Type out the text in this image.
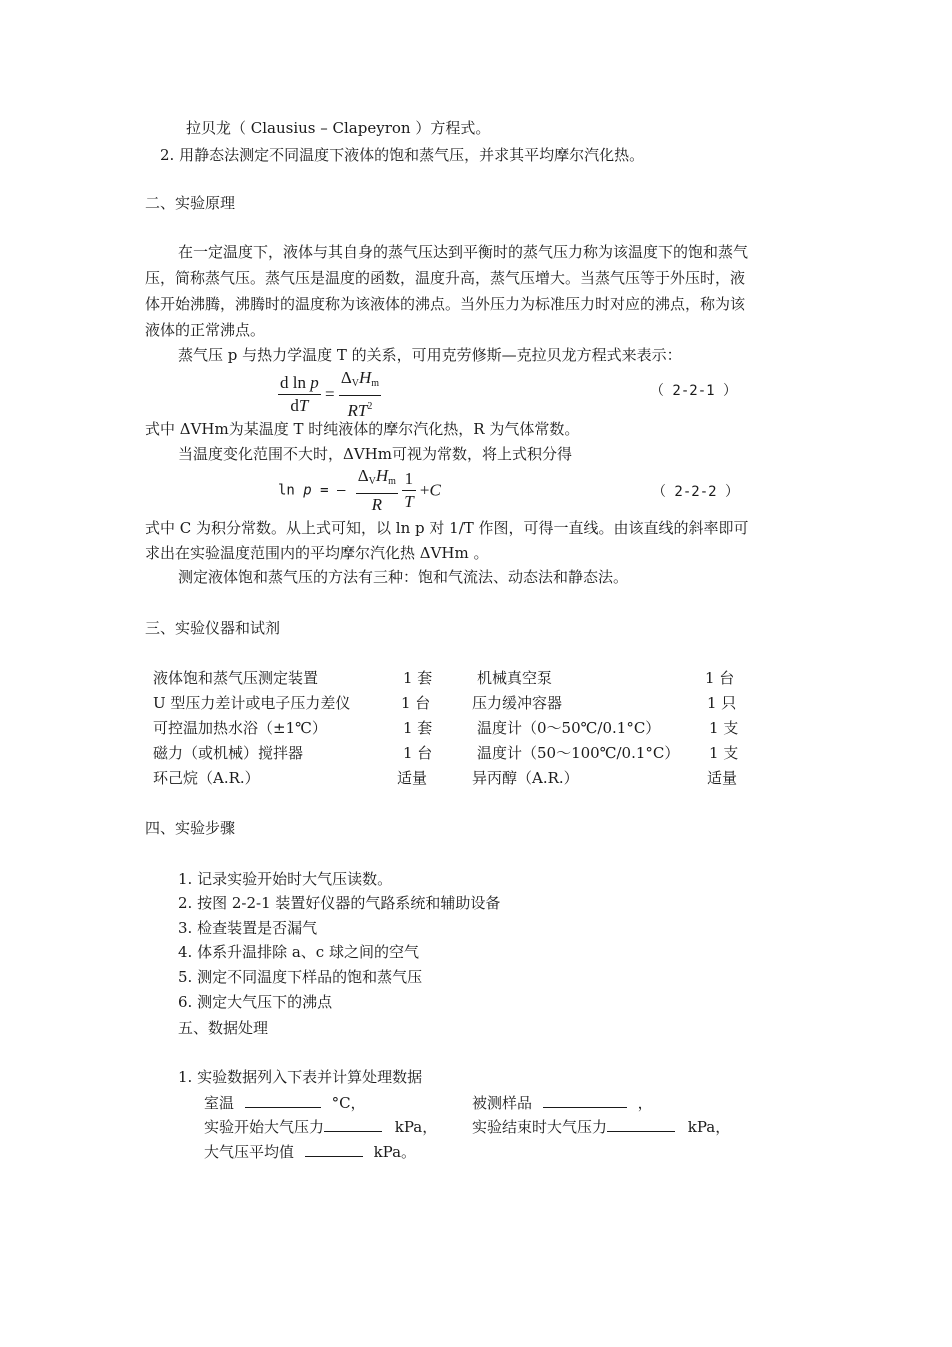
拉贝龙（ Clausius – Clapeyron ）方程式。
2. 用静态法测定不同温度下液体的饱和蒸气压，并求其平均摩尔汽化热。
二、实验原理
在一定温度下，液体与其自身的蒸气压达到平衡时的蒸气压力称为该温度下的饱和蒸气
压，简称蒸气压。蒸气压是温度的函数，温度升高，蒸气压增大。当蒸气压等于外压时，液
体开始沸腾，沸腾时的温度称为该液体的沸点。当外压力为标准压力时对应的沸点，称为该
液体的正常沸点。
蒸气压 p 与热力学温度 T 的关系，可用克劳修斯—克拉贝龙方程式来表示：
$\frac{\text{d ln p}}{dT} = \frac{\Delta_VH_m}{RT^2}$	（ 2-2-1 ）
式中 ΔVHm为某温度 T 时纯液体的摩尔汽化热，R 为气体常数。
当温度变化范围不大时，ΔVHm可视为常数，将上式积分得
ln p = – $\frac{\Delta_VH_m}{R}$
$\frac{1}{T} +C$	（ 2-2-2 ）
式中 C 为积分常数。从上式可知，以 ln p 对 1/T 作图，可得一直线。由该直线的斜率即可
求出在实验温度范围内的平均摩尔汽化热 ΔVHm 。
测定液体饱和蒸气压的方法有三种：饱和气流法、动态法和静态法。
三、实验仪器和试剂
液体饱和蒸气压测定装置	1 套	机械真空泵	1 台
U 型压力差计或电子压力差仪	1 台	压力缓冲容器	1 只
可控温加热水浴（±1℃）	1 套	温度计（0～50℃/0.1°C）	1 支
磁力（或机械）搅拌器	1 台	温度计（50～100℃/0.1°C） 1 支
环己烷（A.R.）	适量	异丙醇（A.R.）	适量
四、实验步骤
1. 记录实验开始时大气压读数。
2. 按图 2-2-1 装置好仪器的气路系统和辅助设备
3. 检查装置是否漏气
4. 体系升温排除 a、c 球之间的空气
5. 测定不同温度下样品的饱和蒸气压
6. 测定大气压下的沸点
五、数据处理
1. 实验数据列入下表并计算处理数据
室温	°C，	被测样品	，
实验开始大气压力	kPa， 实验结束时大气压力	kPa，
大气压平均值	kPa。
